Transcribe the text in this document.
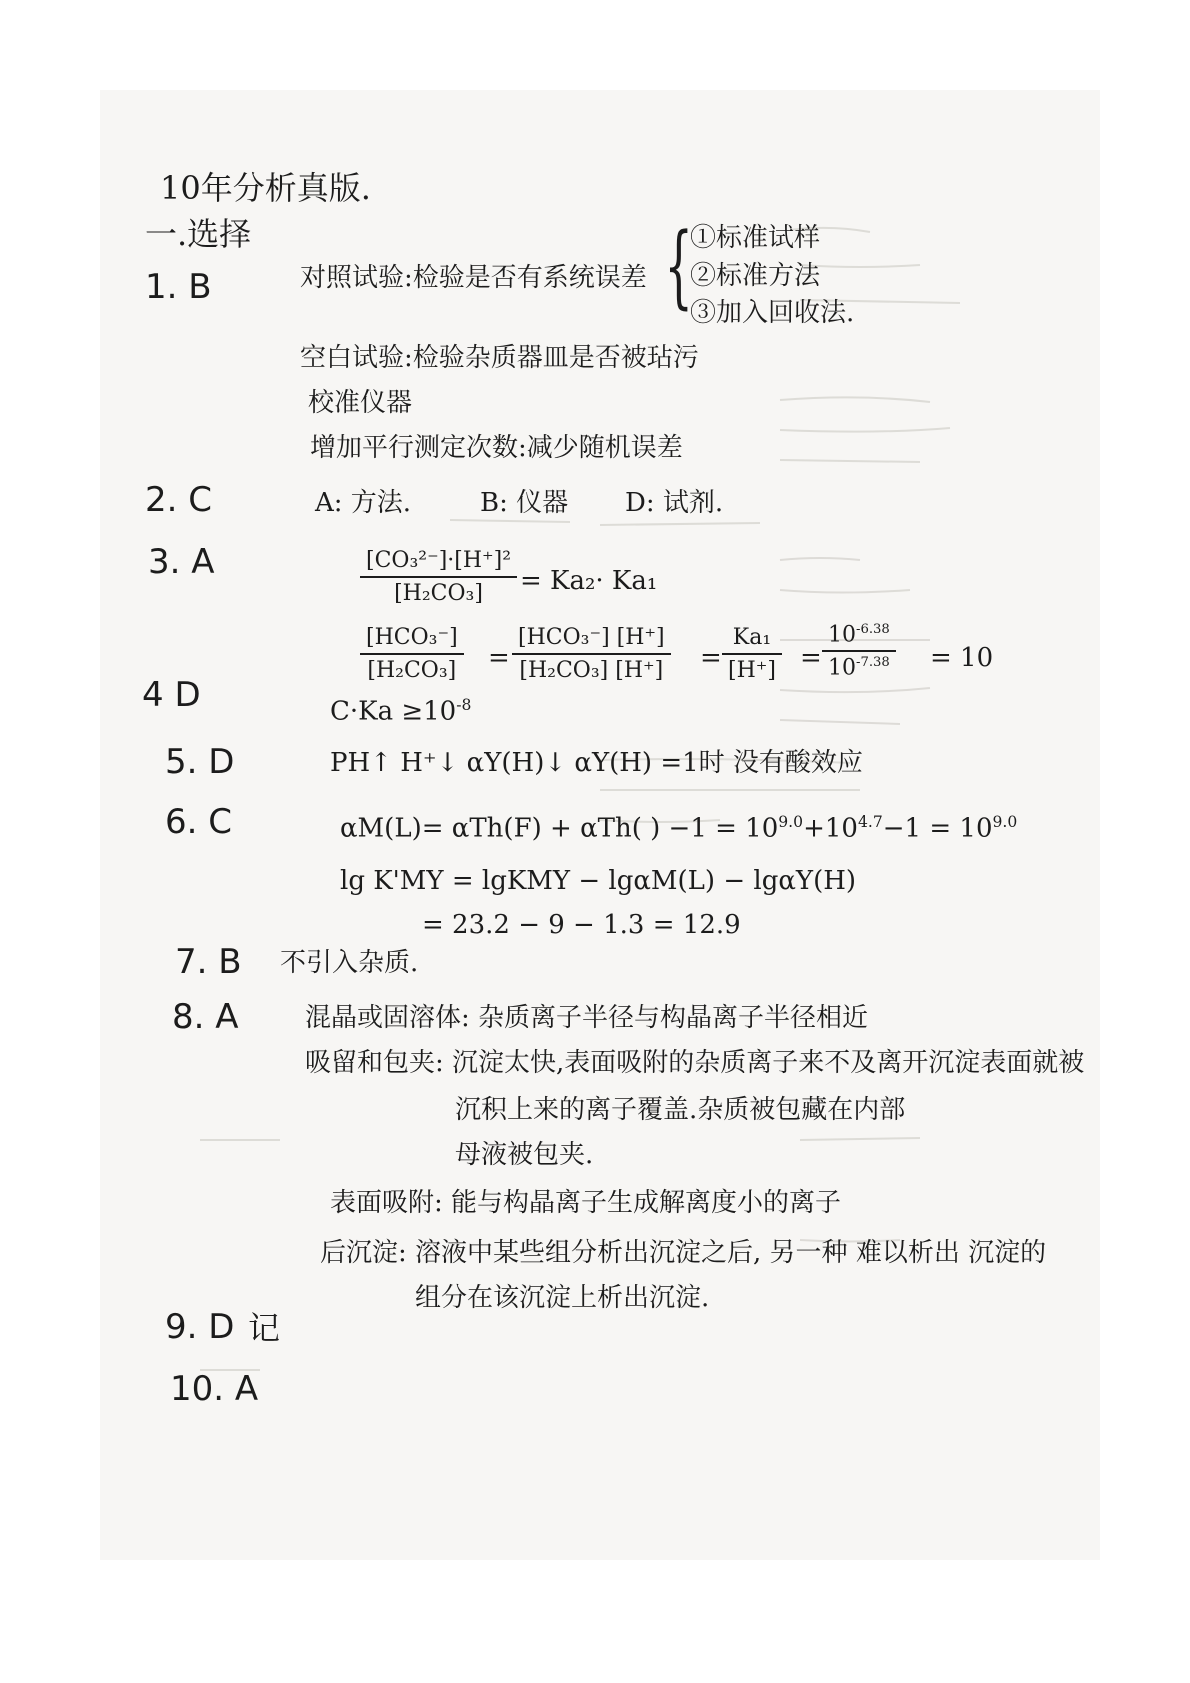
10年分析真版.
一.选择
1. B	对照试验:检验是否有系统误差 {
①标准试样
②标准方法
③加入回收法.
空白试验:检验杂质器皿是否被玷污
校准仪器
增加平行测定次数:减少随机误差
2. C	A: 方法.	B: 仪器 D: 试剂.
3. A	[CO₃²⁻]·[H⁺]²
[H₂CO₃]	= Ka₂· Ka₁
[HCO₃⁻]
[H₂CO₃] =
[HCO₃⁻] [H⁺]
[H₂CO₃] [H⁺] =
Ka₁
[H⁺] =
$10^{-6.38}$
$10^{-7.38} = 10$
4 D	$C\cdot Ka \ge 10^{-8}$
5. D	PH↑ H⁺↓ αY(H)↓ αY(H) =1时 没有酸效应
6. C	αM(L)= αTh(F) + αTh( ) $-1 = 10^{9.0}+10^{4.7}-1 = 10^{9.0}$
lg K'MY = lgKMY − lgαM(L) − lgαY(H)
= 23.2 − 9 − 1.3 = 12.9
7. B 不引入杂质.
8. A	混晶或固溶体: 杂质离子半径与构晶离子半径相近
吸留和包夹: 沉淀太快,表面吸附的杂质离子来不及离开沉淀表面就被
沉积上来的离子覆盖.杂质被包藏在内部
母液被包夹.
表面吸附: 能与构晶离子生成解离度小的离子
后沉淀: 溶液中某些组分析出沉淀之后, 另一种 难以析出 沉淀的
组分在该沉淀上析出沉淀.
9. D 记
10. A
